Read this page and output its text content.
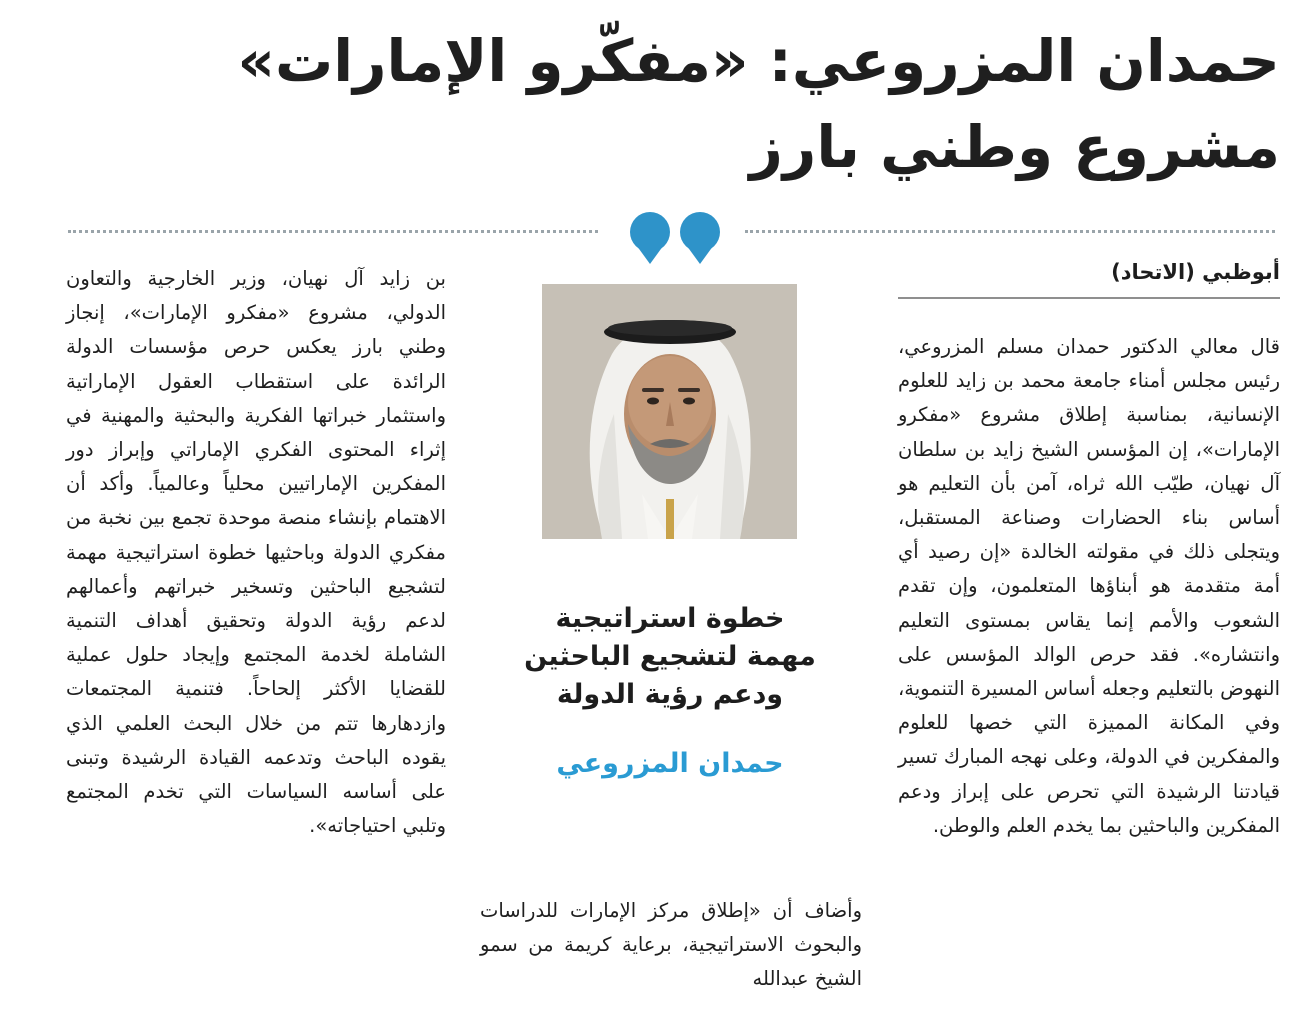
حمدان المزروعي: «مفكّرو الإمارات»
مشروع وطني بارز
أبوظبي (الاتحاد)

قال معالي الدكتور حمدان مسلم المزروعي، رئيس مجلس أمناء جامعة محمد بن زايد للعلوم الإنسانية، بمناسبة إطلاق مشروع «مفكرو الإمارات»، إن المؤسس الشيخ زايد بن سلطان آل نهيان، طيّب الله ثراه، آمن بأن التعليم هو أساس بناء الحضارات وصناعة المستقبل، ويتجلى ذلك في مقولته الخالدة «إن رصيد أي أمة متقدمة هو أبناؤها المتعلمون، وإن تقدم الشعوب والأمم إنما يقاس بمستوى التعليم وانتشاره». فقد حرص الوالد المؤسس على النهوض بالتعليم وجعله أساس المسيرة التنموية، وفي المكانة المميزة التي خصها للعلوم والمفكرين في الدولة، وعلى نهجه المبارك تسير قيادتنا الرشيدة التي تحرص على إبراز ودعم المفكرين والباحثين بما يخدم العلم والوطن.

خطوة استراتيجية
مهمة لتشجيع الباحثين
ودعم رؤية الدولة
حمدان المزروعي

وأضاف أن «إطلاق مركز الإمارات للدراسات والبحوث الاستراتيجية، برعاية كريمة من سمو الشيخ عبدالله

بن زايد آل نهيان، وزير الخارجية والتعاون الدولي، مشروع «مفكرو الإمارات»، إنجاز وطني بارز يعكس حرص مؤسسات الدولة الرائدة على استقطاب العقول الإماراتية واستثمار خبراتها الفكرية والبحثية والمهنية في إثراء المحتوى الفكري الإماراتي وإبراز دور المفكرين الإماراتيين محلياً وعالمياً. وأكد أن الاهتمام بإنشاء منصة موحدة تجمع بين نخبة من مفكري الدولة وباحثيها خطوة استراتيجية مهمة لتشجيع الباحثين وتسخير خبراتهم وأعمالهم لدعم رؤية الدولة وتحقيق أهداف التنمية الشاملة لخدمة المجتمع وإيجاد حلول عملية للقضايا الأكثر إلحاحاً. فتنمية المجتمعات وازدهارها تتم من خلال البحث العلمي الذي يقوده الباحث وتدعمه القيادة الرشيدة وتبنى على أساسه السياسات التي تخدم المجتمع وتلبي احتياجاته».
